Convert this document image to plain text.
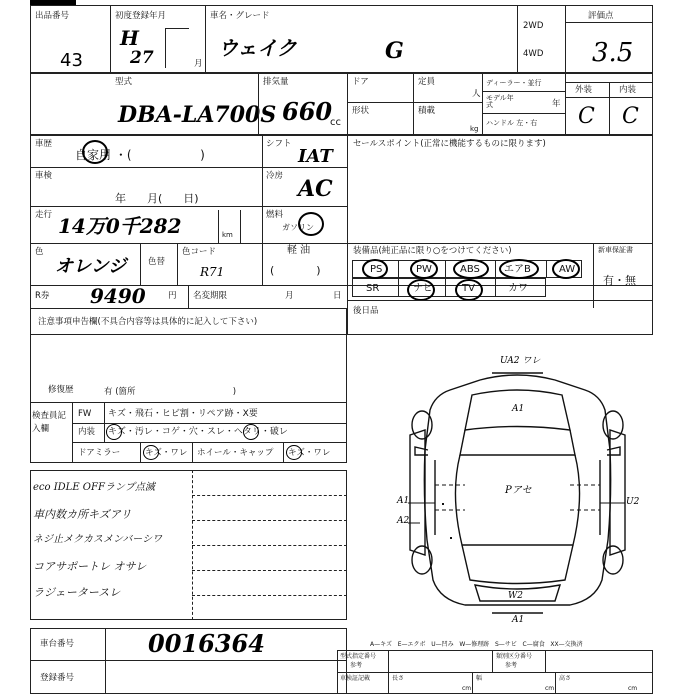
出品番号
43
初度登録年月
H
27	月
車名・グレード
ウェイク	G
2WD
4WD
評価点
3.5
型式
DBA-LA700S
排気量
660
cc
ドア	定員
人
形状	積載
kg
ディーラー・並行
モデル年式	年
ハンドル 左・右
外装	内装
C C
車歴
自家用 ・(                  )
シフト
IAT
セールスポイント(正常に機能するものに限ります)
車検
年      月(      日)
冷房 AC
走行 14万0千282	km
燃料
ガソリン
軽 油
(            )
色
オレンジ	色替
色コード
R71
装備品(純正品に限り○をつけてください)	新車保証書
有・無
PS	PW	ABS エアB	AW
SR	ナビ	TV	カワ
R券 9490	円 名変期限	月	日
後日品
注意事項申告欄(不具合内容等は具体的に記入して下さい)
修復歴	有 (箇所                                    )
検査員記入欄
FW キズ・飛石・ヒビ割・リペア跡・X要
内装 キズ・汚レ・コゲ・穴・スレ・ヘタリ・破レ
ドアミラー	キズ・ワレ ホイール・キャップ キズ・ワレ
eco IDLE OFFランプ点滅
車内数カ所キズアリ
ネジ止メクカスメンバーシワ
コアサポートレ オサレ
ラジェータースレ
UA2 ワレ
A1
Pアセ
A1
A2
U2
W2
A1
A—キズ   E—エクボ   U—凹み   W—修理跡   S—サビ   C—腐食   XX—交換済
車台番号	0016364
登録番号
型式指定番号	類別区分番号
参考	参考
車検証記載	長さ
cm
幅
cm
高さ
cm
